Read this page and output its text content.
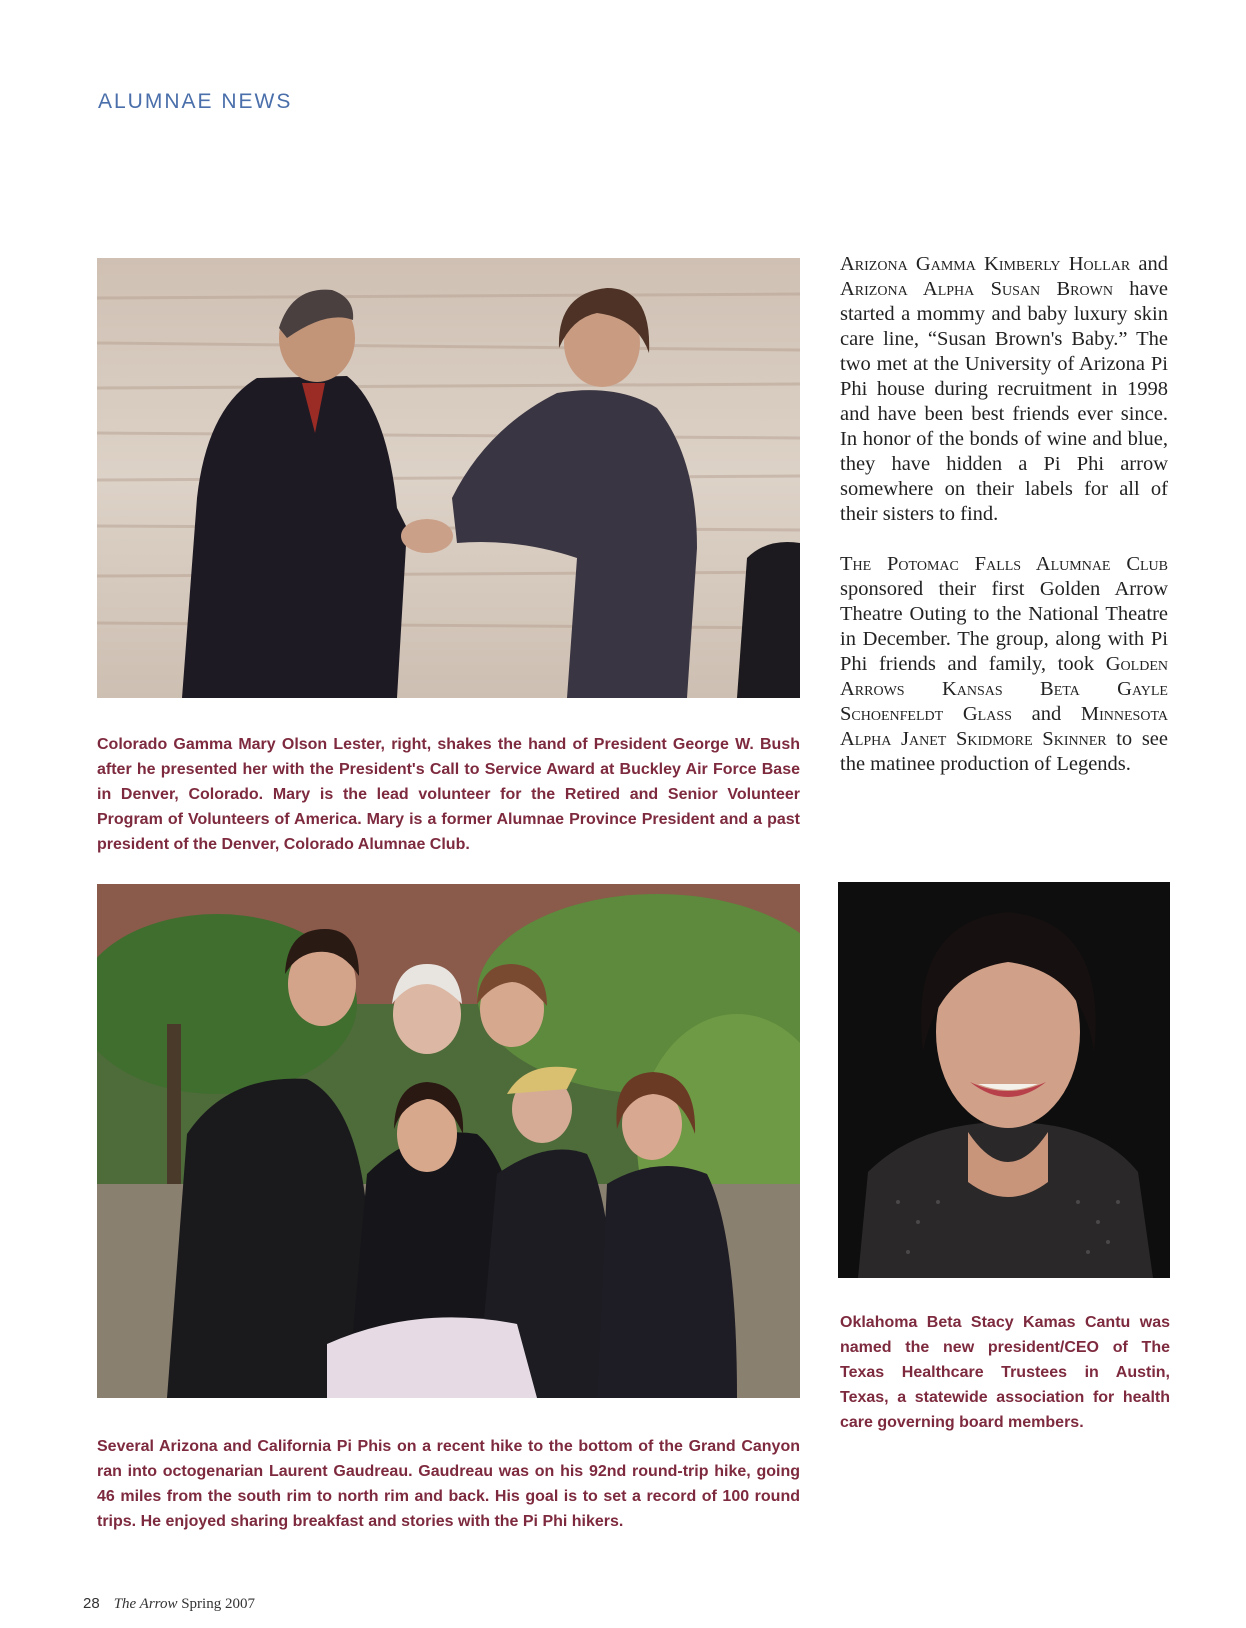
ALUMNAE NEWS
Colorado Gamma Mary Olson Lester, right, shakes the hand of President George W. Bush after he presented her with the President's Call to Service Award at Buckley Air Force Base in Denver, Colorado. Mary is the lead volunteer for the Retired and Senior Volunteer Program of Volunteers of America. Mary is a former Alumnae Province President and a past president of the Denver, Colorado Alumnae Club.

Arizona Gamma Kimberly Hollar and Arizona Alpha Susan Brown have started a mommy and baby luxury skin care line, “Susan Brown's Baby.” The two met at the University of Arizona Pi Phi house during recruitment in 1998 and have been best friends ever since. In honor of the bonds of wine and blue, they have hidden a Pi Phi arrow somewhere on their labels for all of their sisters to find.

The Potomac Falls Alumnae Club sponsored their first Golden Arrow Theatre Outing to the National Theatre in December. The group, along with Pi Phi friends and family, took Golden Arrows Kansas Beta Gayle Schoenfeldt Glass and Minnesota Alpha Janet Skidmore Skinner to see the matinee production of Legends.

Several Arizona and California Pi Phis on a recent hike to the bottom of the Grand Canyon ran into octogenarian Laurent Gaudreau. Gaudreau was on his 92nd round-trip hike, going 46 miles from the south rim to north rim and back. His goal is to set a record of 100 round trips. He enjoyed sharing breakfast and stories with the Pi Phi hikers.
Oklahoma Beta Stacy Kamas Cantu was named the new president/CEO of The Texas Healthcare Trustees in Austin, Texas, a statewide association for health care governing board members.
28 The Arrow Spring 2007
